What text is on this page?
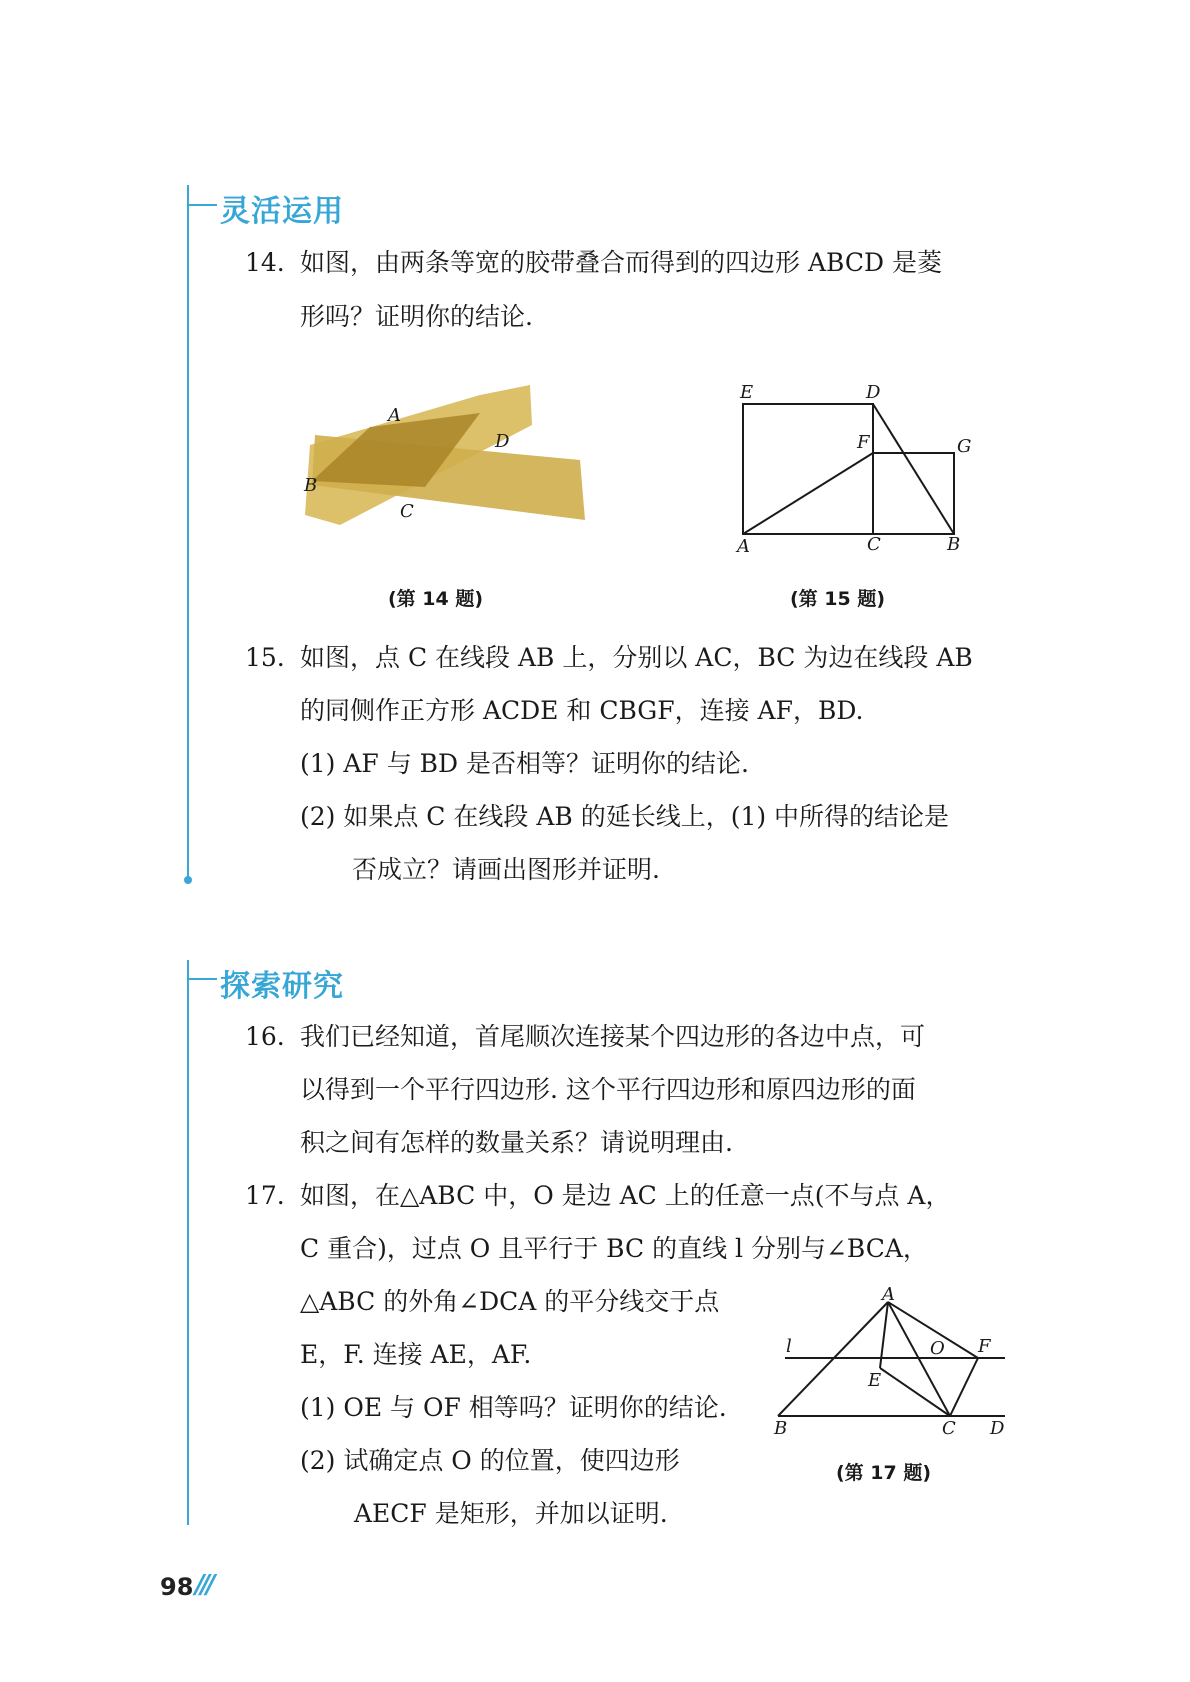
灵活运用
14. 如图，由两条等宽的胶带叠合而得到的四边形 ABCD 是菱
形吗？证明你的结论.
A
D
B
C
(第 14 题)
E	D
F	G
A	C	B
(第 15 题)
15. 如图，点 C 在线段 AB 上，分别以 AC，BC 为边在线段 AB
的同侧作正方形 ACDE 和 CBGF，连接 AF，BD.
(1) AF 与 BD 是否相等？证明你的结论.
(2) 如果点 C 在线段 AB 的延长线上，(1) 中所得的结论是
否成立？请画出图形并证明.
探索研究
16. 我们已经知道，首尾顺次连接某个四边形的各边中点，可
以得到一个平行四边形. 这个平行四边形和原四边形的面
积之间有怎样的数量关系？请说明理由.
17. 如图，在△ABC 中，O 是边 AC 上的任意一点(不与点 A，
C 重合)，过点 O 且平行于 BC 的直线 l 分别与∠BCA，
△ABC 的外角∠DCA 的平分线交于点
E，F. 连接 AE，AF.
(1) OE 与 OF 相等吗？证明你的结论.
(2) 试确定点 O 的位置，使四边形
AECF 是矩形，并加以证明.
A
l	O F
E
B	C D
(第 17 题)
98 ///
